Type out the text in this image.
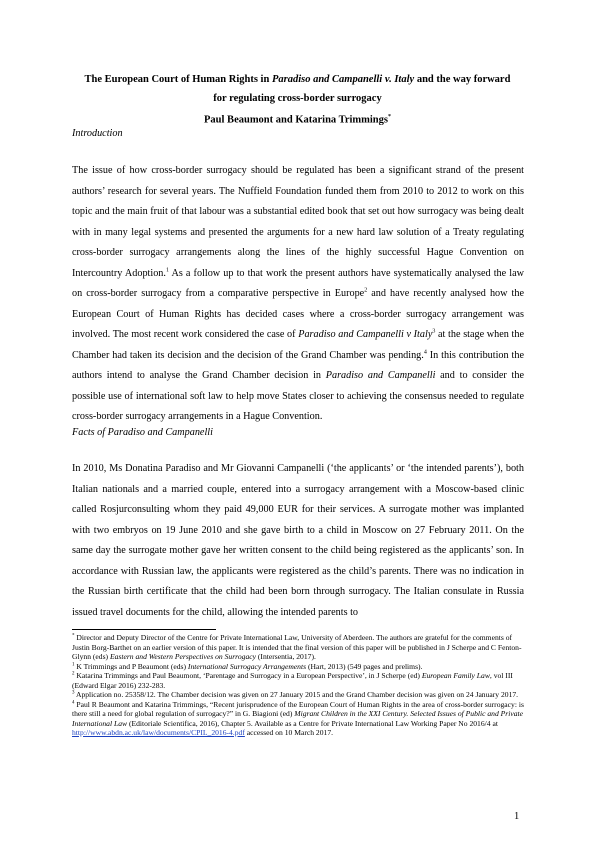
The European Court of Human Rights in Paradiso and Campanelli v. Italy and the way forward
for regulating cross-border surrogacy
Paul Beaumont and Katarina Trimmings*
Introduction

The issue of how cross-border surrogacy should be regulated has been a significant strand of the present authors’ research for several years. The Nuffield Foundation funded them from 2010 to 2012 to work on this topic and the main fruit of that labour was a substantial edited book that set out how surrogacy was being dealt with in many legal systems and presented the arguments for a new hard law solution of a Treaty regulating cross-border surrogacy arrangements along the lines of the highly successful Hague Convention on Intercountry Adoption.$^1$ As a follow up to that work the present authors have systematically analysed the law on cross-border surrogacy from a comparative perspective in Europe$^2$ and have recently analysed how the European Court of Human Rights has decided cases where a cross-border surrogacy arrangement was involved. The most recent work considered the case of Paradiso and Campanelli v Italy$^3$ at the stage when the Chamber had taken its decision and the decision of the Grand Chamber was pending.$^4$ In this contribution the authors intend to analyse the Grand Chamber decision in Paradiso and Campanelli and to consider the possible use of international soft law to help move States closer to achieving the consensus needed to regulate cross-border surrogacy arrangements in a Hague Convention.

Facts of Paradiso and Campanelli

In 2010, Ms Donatina Paradiso and Mr Giovanni Campanelli (‘the applicants’ or ‘the intended parents’), both Italian nationals and a married couple, entered into a surrogacy arrangement with a Moscow-based clinic called Rosjurconsulting whom they paid 49,000 EUR for their services. A surrogate mother was implanted with two embryos on 19 June 2010 and she gave birth to a child in Moscow on 27 February 2011. On the same day the surrogate mother gave her written consent to the child being registered as the applicants’ son. In accordance with Russian law, the applicants were registered as the child’s parents. There was no indication in the Russian birth certificate that the child had been born through surrogacy. The Italian consulate in Russia issued travel documents for the child, allowing the intended parents to

* Director and Deputy Director of the Centre for Private International Law, University of Aberdeen. The authors are grateful for the comments of Justin Borg-Barthet on an earlier version of this paper. It is intended that the final version of this paper will be published in J Scherpe and C Fenton-Glynn (eds) Eastern and Western Perspectives on Surrogacy (Intersentia, 2017).

$^1$ K Trimmings and P Beaumont (eds) International Surrogacy Arrangements (Hart, 2013) (549 pages and prelims).

$^2$ Katarina Trimmings and Paul Beaumont, ‘Parentage and Surrogacy in a European Perspective’, in J Scherpe (ed) European Family Law, vol III (Edward Elgar 2016) 232-283.

$^3$ Application no. 25358/12. The Chamber decision was given on 27 January 2015 and the Grand Chamber decision was given on 24 January 2017.

$^4$ Paul R Beaumont and Katarina Trimmings, “Recent jurisprudence of the European Court of Human Rights in the area of cross-border surrogacy: is there still a need for global regulation of surrogacy?” in G. Biagioni (ed) Migrant Children in the XXI Century. Selected Issues of Public and Private International Law (Editoriale Scientifica, 2016), Chapter 5. Available as a Centre for Private International Law Working Paper No 2016/4 at http://www.abdn.ac.uk/law/documents/CPIL_2016-4.pdf accessed on 10 March 2017.

1
